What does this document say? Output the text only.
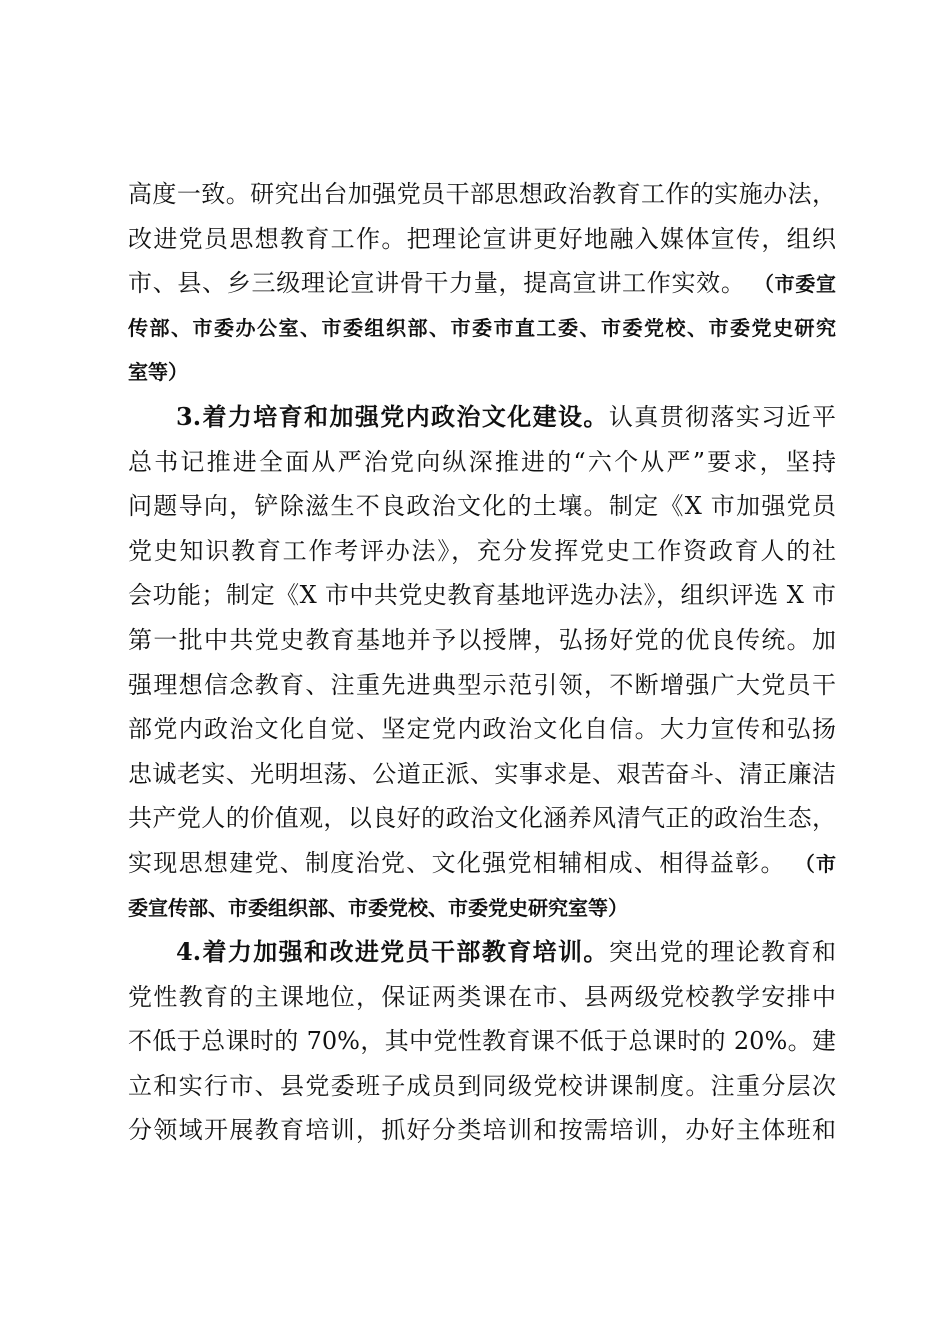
高度一致。研究出台加强党员干部思想政治教育工作的实施办法，
改进党员思想教育工作。把理论宣讲更好地融入媒体宣传，组织
市、县、乡三级理论宣讲骨干力量，提高宣讲工作实效。 （市委宣
传部、市委办公室、市委组织部、市委市直工委、市委党校、市委党史研究
室等）
3.着力培育和加强党内政治文化建设。认真贯彻落实习近平
总书记推进全面从严治党向纵深推进的“六个从严”要求，坚持
问题导向，铲除滋生不良政治文化的土壤。制定《X 市加强党员
党史知识教育工作考评办法》，充分发挥党史工作资政育人的社
会功能；制定《X 市中共党史教育基地评选办法》，组织评选 X 市
第一批中共党史教育基地并予以授牌，弘扬好党的优良传统。加
强理想信念教育、注重先进典型示范引领，不断增强广大党员干
部党内政治文化自觉、坚定党内政治文化自信。大力宣传和弘扬
忠诚老实、光明坦荡、公道正派、实事求是、艰苦奋斗、清正廉洁
共产党人的价值观，以良好的政治文化涵养风清气正的政治生态，
实现思想建党、制度治党、文化强党相辅相成、相得益彰。 （市
委宣传部、市委组织部、市委党校、市委党史研究室等）
4.着力加强和改进党员干部教育培训。突出党的理论教育和
党性教育的主课地位，保证两类课在市、县两级党校教学安排中
不低于总课时的 70%，其中党性教育课不低于总课时的 20%。建
立和实行市、县党委班子成员到同级党校讲课制度。注重分层次
分领域开展教育培训，抓好分类培训和按需培训，办好主体班和
